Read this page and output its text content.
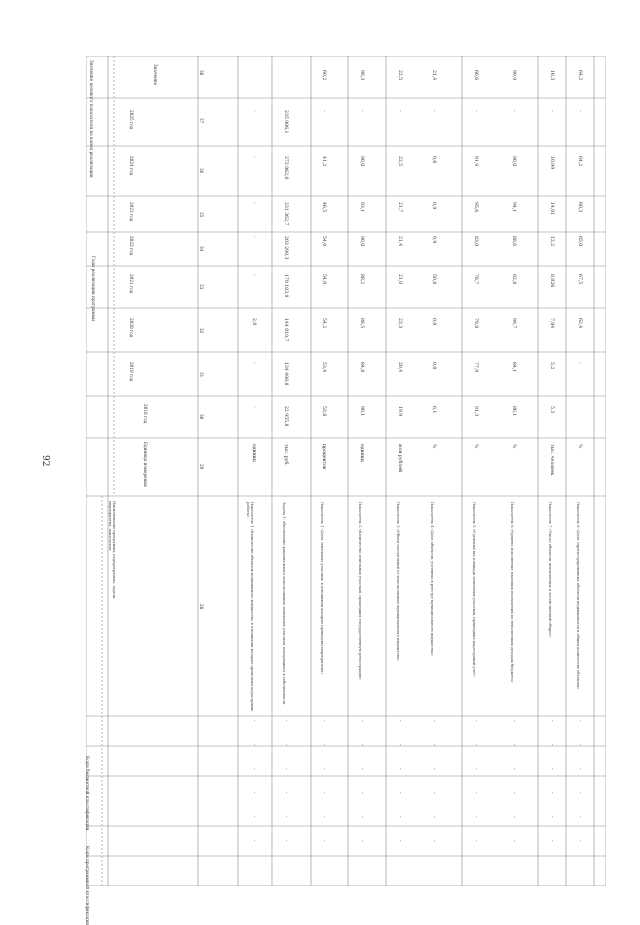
92
Значение целевого показателя на конец реализации	Значение
Годы реализации программы
Единица измерения
2018 год
Наименование программы, подпрограммы, задачи, мероприятия, показателя
Коды бюджетной классификации
Коды программной классификации
2019 год
2020 год
2021 год
2022 год
2023 год
2024 год
2025 год
38
37
36
35
34
33
32
31
30
29
28	Показатель 1 «Количество объектов недвижимого имущества, в отношении которых проведены кадастровые работы»
единиц
-
-
2,0
-
-
-
-
-
-
-
-
-
-
-
Задача 1: обеспечение рационального использования земельных участков, находящихся в собственности
тыс. руб.
22 955,8
134 498,8
144 019,7
179 183,9
203 299,3
231 362,7
272 062,0
235 906,1
-
-
-
-
-
-
Показатель 1 «Доля земельных участков, в отношении которых проведены мероприятия»
процентов
53,8
53,4
54,2
54,0
54,0
46,5
41,2
-
60,2
-
-
-
-
-
-
Показатель 2 «Количество земельных участков, прошедших государственную регистрацию»
единиц
90,1
84,8
88,5
88,2
90,0
93,1
90,0
-
98,3
-
-
-
-
-
-
Показатель 3 «Объем поступлений от использования муниципального имущества»
млн рублей
19,9
20,4
23,3
21,0
21,4
21,7
22,5
-
22,5
-
-
-
-
-
-
Показатель 4 «Доля объектов, учтенных в реестре муниципального имущества»
%
6,1
0,0
0,0
50,8
0,9
0,9
0,6
-
21,4
-
-
-
-
-
-
Показатель 5 «Удельный вес площади земельных участков, прошедших кадастровый учет»
%
91,3
77,9
79,8
78,7
83,0
95,6
91,9
-
66,6
-
-
-
-
-
-
Показатель 6 «Уровень исполнения плановых назначений по неналоговым доходам бюджета»
%
86,1
84,1
99,7
82,8
88,6
94,1
90,0
-
99,9
-
-
-
-
-
-
Показатель 7 «Число объектов, вовлеченных в хозяйственный оборот»
тыс. человек
5,3
5,2
7,04
8,026
12,2
14,01
10,99
-
16,3
-
-
-
-
-
-
Показатель 8 «Доля зарегистрированных объектов недвижимости в общем количестве объектов»
%
-
62,4
67,5
65,0
60,3
64,2
-
64,2
-
-
-
-
-
-
